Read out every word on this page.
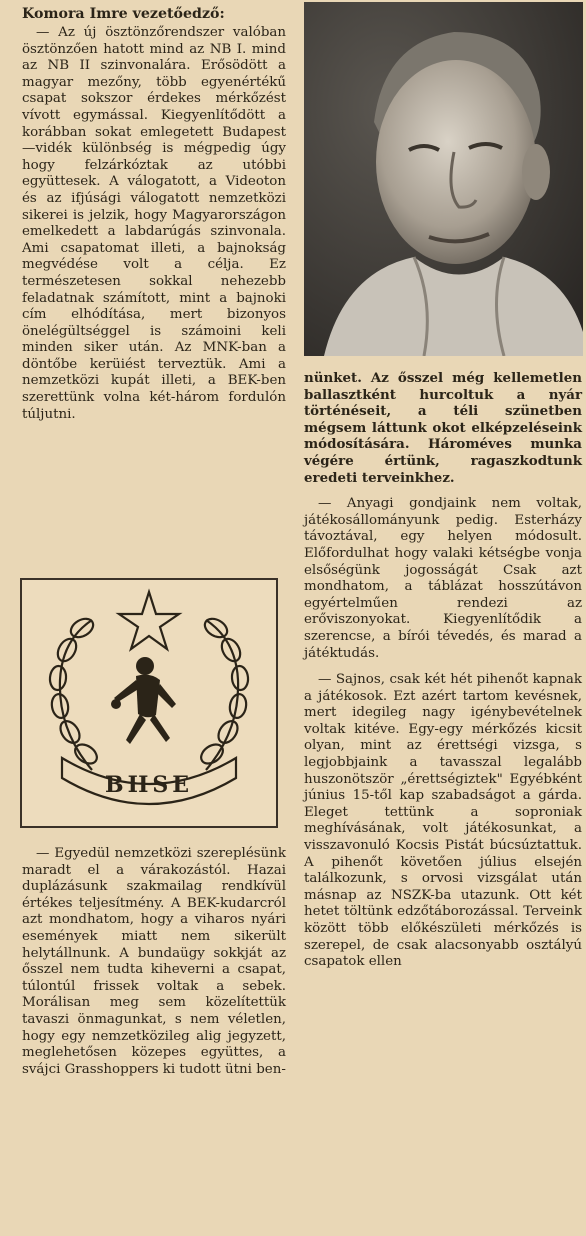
Komora Imre vezetőedző:

— Az új ösztönzőrendszer valóban ösztönzően hatott mind az NB I. mind az NB II szinvonalára. Erősödött a magyar mezőny, több egyenértékű csapat sokszor érdekes mérkőzést vívott egymással. Kiegyenlítődött a korábban sokat emlegetett Budapest—vidék különbség is mégpedig úgy hogy felzárkóztak az utóbbi együttesek. A válogatott, a Videoton és az ifjúsági válogatott nemzetközi sikerei is jelzik, hogy Magyarországon emelkedett a labdarúgás szinvonala. Ami csapatomat illeti, a bajnokság megvédése volt a célja. Ez természetesen sokkal nehezebb feladatnak számított, mint a bajnoki cím elhódítása, mert bizonyos önelégültséggel is számoini keli minden siker után. Az MNK-ban a döntőbe kerüiést terveztük. Ami a nemzetközi kupát illeti, a BEK-ben szerettünk volna két-három fordulón túljutni.

BHSE

— Egyedül nemzetközi szereplésünk maradt el a várakozástól. Hazai duplázásunk szakmailag rendkívül értékes teljesítmény. A BEK-kudarcról azt mondhatom, hogy a viharos nyári események miatt nem sikerült helytállnunk. A bundaügy sokkját az ősszel nem tudta kiheverni a csapat, túlontúl frissek voltak a sebek. Morálisan meg sem közelítettük tavaszi önmagunkat, s nem véletlen, hogy egy nemzetközileg alig jegyzett, meglehetősen közepes együttes, a svájci Grasshoppers ki tudott ütni ben-

nünket. Az ősszel még kellemetlen ballasztként hurcoltuk a nyár történéseit, a téli szünetben mégsem láttunk okot elképzeléseink módosítására. Hároméves munka végére értünk, ragaszkodtunk eredeti terveinkhez.

— Anyagi gondjaink nem voltak, játékosállományunk pedig. Esterházy távoztával, egy helyen módosult. Előfordulhat hogy valaki kétségbe vonja elsőségünk jogosságát Csak azt mondhatom, a táblázat hosszútávon egyértelműen rendezi az erőviszonyokat. Kiegyenlítődik a szerencse, a bírói tévedés, és marad a játéktudás.

— Sajnos, csak két hét pihenőt kapnak a játékosok. Ezt azért tartom kevésnek, mert idegileg nagy igénybevételnek voltak kitéve. Egy-egy mérkőzés kicsit olyan, mint az érettségi vizsga, s legjobbjaink a tavasszal legalább huszonötször „érettségiztek" Egyébként június 15-től kap szabadságot a gárda. Eleget tettünk a soproniak meghívásának, volt játékosunkat, a visszavonuló Kocsis Pistát búcsúztattuk. A pihenőt követően július elsején találkozunk, s orvosi vizsgálat után másnap az NSZK-ba utazunk. Ott két hetet töltünk edzőtáborozással. Terveink között több előkészületi mérkőzés is szerepel, de csak alacsonyabb osztályú csapatok ellen
